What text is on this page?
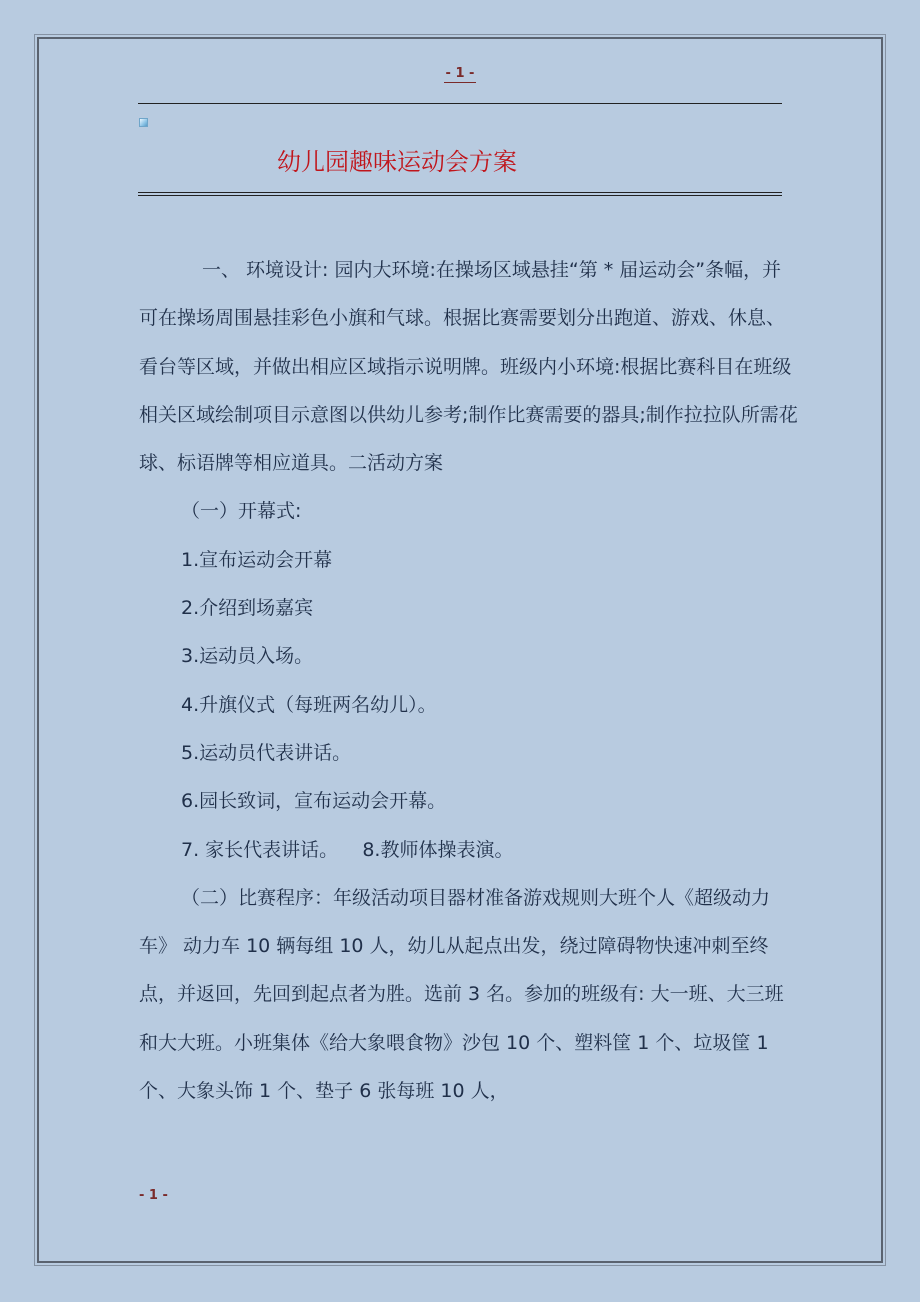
- 1 -
幼儿园趣味运动会方案

一、 环境设计: 园内大环境:在操场区域悬挂“第 * 届运动会”条幅，并可在操场周围悬挂彩色小旗和气球。根据比赛需要划分出跑道、游戏、休息、看台等区域，并做出相应区域指示说明牌。班级内小环境:根据比赛科目在班级相关区域绘制项目示意图以供幼儿参考;制作比赛需要的器具;制作拉拉队所需花球、标语牌等相应道具。二活动方案

（一）开幕式:

1.宣布运动会开幕

2.介绍到场嘉宾

3.运动员入场。

4.升旗仪式（每班两名幼儿）。

5.运动员代表讲话。

6.园长致词，宣布运动会开幕。

7. 家长代表讲话。    8.教师体操表演。

（二）比赛程序：年级活动项目器材准备游戏规则大班个人《超级动力车》 动力车 10 辆每组 10 人，幼儿从起点出发，绕过障碍物快速冲刺至终点，并返回，先回到起点者为胜。选前 3 名。参加的班级有: 大一班、大三班和大大班。小班集体《给大象喂食物》沙包 10 个、塑料筐 1 个、垃圾筐 1 个、大象头饰 1 个、垫子 6 张每班 10 人，

- 1 -
